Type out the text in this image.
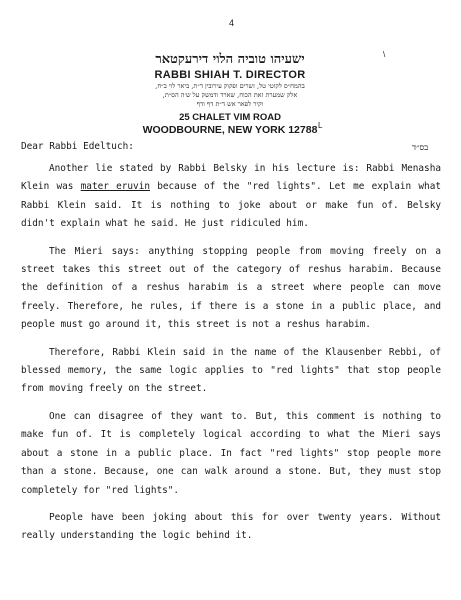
4
\
L
ישעיהו טוביה הלוי דירעקטאר
RABBI SHIAH T. DIRECTOR
בהמח״ס לקוטי טל, זשרים ופקוק עירובין ד״ת, ביאר לוי ב״ח,
אלק שמערת זאת הכוח, שארד ודמשק על ש׳ה הס״ת,
וקיר לפאר אש ד״ת דף ודף
25 CHALET VIM ROAD
WOODBOURNE, NEW YORK 12788
Dear Rabbi Edeltuch:	בס״ד

Another lie stated by Rabbi Belsky in his lecture is: Rabbi Menasha Klein was mater eruvin because of the "red lights". Let me explain what Rabbi Klein said. It is nothing to joke about or make fun of. Belsky didn't explain what he said. He just ridiculed him.

The Mieri says: anything stopping people from moving freely on a street takes this street out of the category of reshus harabim. Because the definition of a reshus harabim is a street where people can move freely. Therefore, he rules, if there is a stone in a public place, and people must go around it, this street is not a reshus harabim.

Therefore, Rabbi Klein said in the name of the Klausenber Rebbi, of blessed memory, the same logic applies to "red lights" that stop people from moving freely on the street.

One can disagree of they want to. But, this comment is nothing to make fun of. It is completely logical according to what the Mieri says about a stone in a public place. In fact "red lights" stop people more than a stone. Because, one can walk around a stone. But, they must stop completely for "red lights".

People have been joking about this for over twenty years. Without really understanding the logic behind it.
